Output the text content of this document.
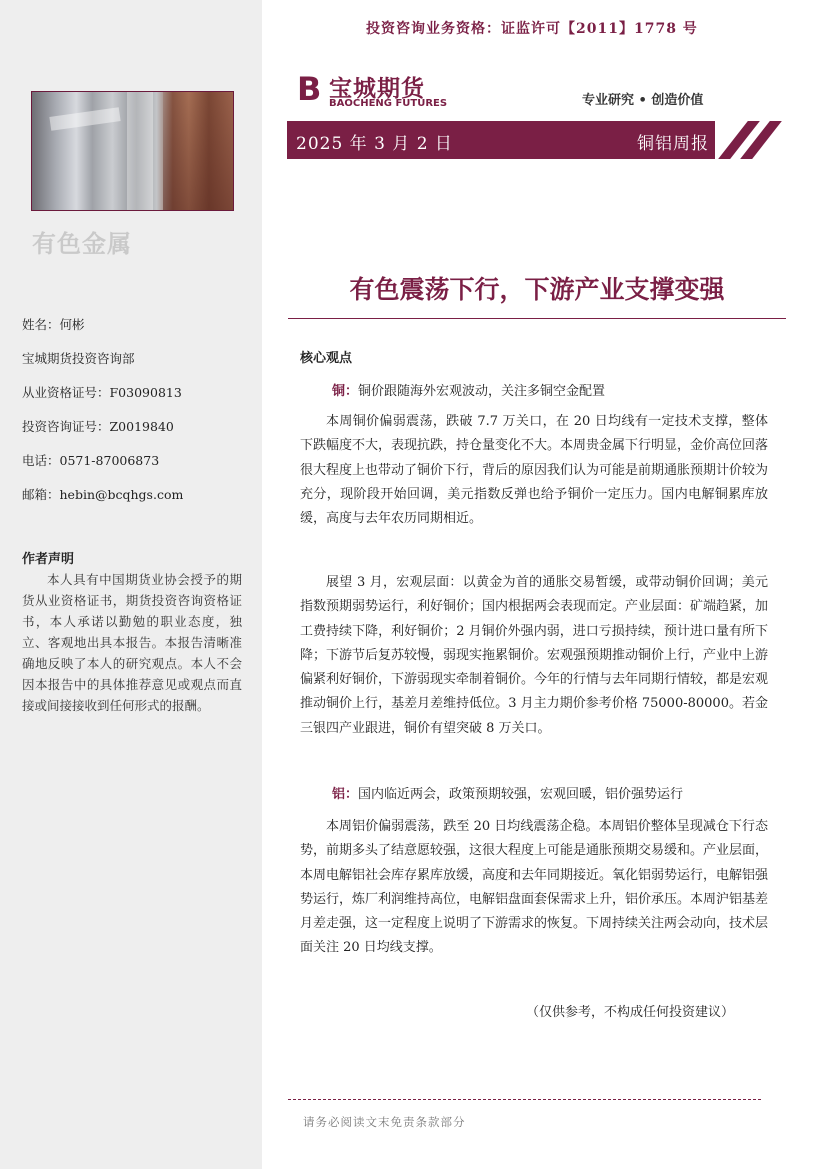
有色金属
姓名：何彬
宝城期货投资咨询部
从业资格证号：F03090813
投资咨询证号：Z0019840
电话：0571-87006873
邮箱：hebin@bcqhgs.com
作者声明
本人具有中国期货业协会授予的期货从业资格证书，期货投资咨询资格证书，本人承诺以勤勉的职业态度，独立、客观地出具本报告。本报告清晰准确地反映了本人的研究观点。本人不会因本报告中的具体推荐意见或观点而直接或间接接收到任何形式的报酬。
投资咨询业务资格：证监许可【2011】1778 号
B 宝城期货
BAOCHENG FUTURES	专业研究 • 创造价值
2025 年 3 月 2 日	铜铝周报
有色震荡下行，下游产业支撑变强
核心观点
铜：铜价跟随海外宏观波动，关注多铜空金配置

本周铜价偏弱震荡，跌破 7.7 万关口，在 20 日均线有一定技术支撑，整体下跌幅度不大，表现抗跌，持仓量变化不大。本周贵金属下行明显，金价高位回落很大程度上也带动了铜价下行，背后的原因我们认为可能是前期通胀预期计价较为充分，现阶段开始回调，美元指数反弹也给予铜价一定压力。国内电解铜累库放缓，高度与去年农历同期相近。

展望 3 月，宏观层面：以黄金为首的通胀交易暂缓，或带动铜价回调；美元指数预期弱势运行，利好铜价；国内根据两会表现而定。产业层面：矿端趋紧，加工费持续下降，利好铜价；2 月铜价外强内弱，进口亏损持续，预计进口量有所下降；下游节后复苏较慢，弱现实拖累铜价。宏观强预期推动铜价上行，产业中上游偏紧利好铜价，下游弱现实牵制着铜价。今年的行情与去年同期行情较，都是宏观推动铜价上行，基差月差维持低位。3 月主力期价参考价格 75000-80000。若金三银四产业跟进，铜价有望突破 8 万关口。

铝：国内临近两会，政策预期较强，宏观回暖，铝价强势运行

本周铝价偏弱震荡，跌至 20 日均线震荡企稳。本周铝价整体呈现减仓下行态势，前期多头了结意愿较强，这很大程度上可能是通胀预期交易缓和。产业层面，本周电解铝社会库存累库放缓，高度和去年同期接近。氧化铝弱势运行，电解铝强势运行，炼厂利润维持高位，电解铝盘面套保需求上升，铝价承压。本周沪铝基差月差走强，这一定程度上说明了下游需求的恢复。下周持续关注两会动向，技术层面关注 20 日均线支撑。

（仅供参考，不构成任何投资建议）
请务必阅读文末免责条款部分
